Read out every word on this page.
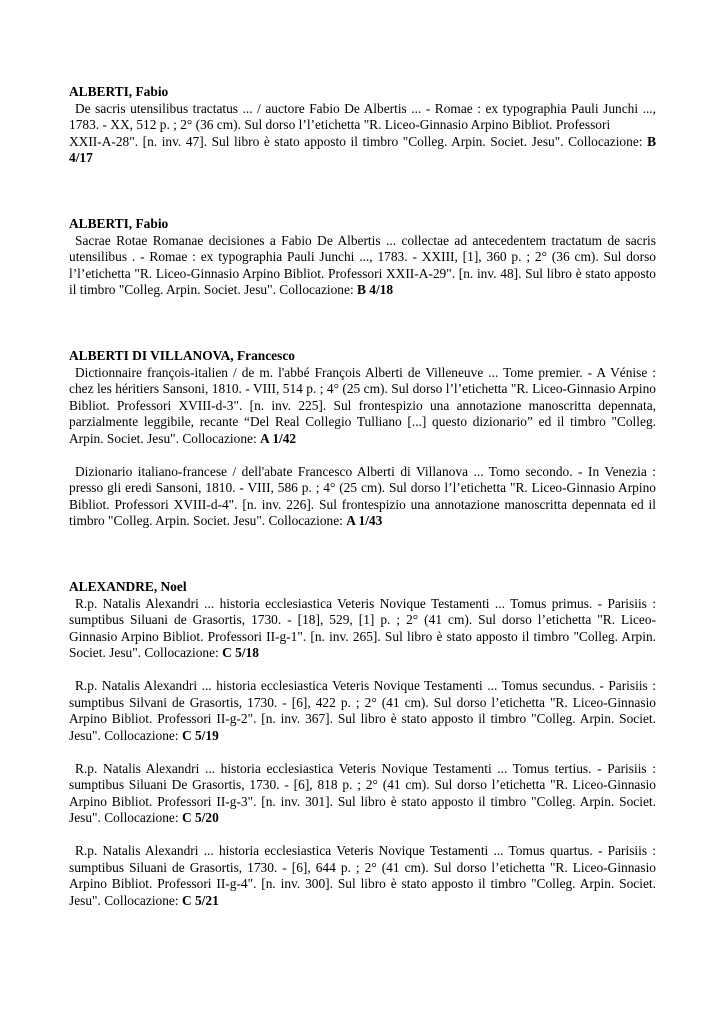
ALBERTI, Fabio

De sacris utensilibus tractatus ... / auctore Fabio De Albertis ... - Romae : ex typographia Pauli Junchi ..., 1783. - XX, 512 p. ; 2° (36 cm). Sul dorso l’l’etichetta "R. Liceo-Ginnasio Arpino Bibliot. Professori

XXII-A-28". [n. inv. 47]. Sul libro è stato apposto il timbro "Colleg. Arpin. Societ. Jesu". Collocazione: B 4/17

ALBERTI, Fabio

Sacrae Rotae Romanae decisiones a Fabio De Albertis ... collectae ad antecedentem tractatum de sacris utensilibus . - Romae : ex typographia Pauli Junchi ..., 1783. - XXIII, [1], 360 p. ; 2° (36 cm). Sul dorso l’l’etichetta "R. Liceo-Ginnasio Arpino Bibliot. Professori XXII-A-29". [n. inv. 48]. Sul libro è stato apposto il timbro "Colleg. Arpin. Societ. Jesu". Collocazione: B 4/18

ALBERTI DI VILLANOVA, Francesco

Dictionnaire françois-italien / de m. l'abbé François Alberti de Villeneuve ... Tome premier. - A Vénise : chez les héritiers Sansoni, 1810. - VIII, 514 p. ; 4° (25 cm). Sul dorso l’l’etichetta "R. Liceo-Ginnasio Arpino Bibliot. Professori XVIII-d-3". [n. inv. 225]. Sul frontespizio una annotazione manoscritta depennata, parzialmente leggibile, recante “Del Real Collegio Tulliano [...] questo dizionario” ed il timbro "Colleg. Arpin. Societ. Jesu". Collocazione: A 1/42

Dizionario italiano-francese / dell'abate Francesco Alberti di Villanova ... Tomo secondo. - In Venezia : presso gli eredi Sansoni, 1810. - VIII, 586 p. ; 4° (25 cm). Sul dorso l’l’etichetta "R. Liceo-Ginnasio Arpino Bibliot. Professori XVIII-d-4". [n. inv. 226]. Sul frontespizio una annotazione manoscritta depennata ed il timbro "Colleg. Arpin. Societ. Jesu". Collocazione: A 1/43

ALEXANDRE, Noel

R.p. Natalis Alexandri ... historia ecclesiastica Veteris Novique Testamenti ... Tomus primus. - Parisiis : sumptibus Siluani de Grasortis, 1730. - [18], 529, [1] p. ; 2° (41 cm). Sul dorso l’etichetta "R. Liceo-Ginnasio Arpino Bibliot. Professori II-g-1". [n. inv. 265]. Sul libro è stato apposto il timbro "Colleg. Arpin. Societ. Jesu". Collocazione: C 5/18

R.p. Natalis Alexandri ... historia ecclesiastica Veteris Novique Testamenti ... Tomus secundus. - Parisiis : sumptibus Silvani de Grasortis, 1730. - [6], 422 p. ; 2° (41 cm). Sul dorso l’etichetta "R. Liceo-Ginnasio Arpino Bibliot. Professori II-g-2". [n. inv. 367]. Sul libro è stato apposto il timbro "Colleg. Arpin. Societ. Jesu". Collocazione: C 5/19

R.p. Natalis Alexandri ... historia ecclesiastica Veteris Novique Testamenti ... Tomus tertius. - Parisiis : sumptibus Siluani De Grasortis, 1730. - [6], 818 p. ; 2° (41 cm). Sul dorso l’etichetta "R. Liceo-Ginnasio Arpino Bibliot. Professori II-g-3". [n. inv. 301]. Sul libro è stato apposto il timbro "Colleg. Arpin. Societ. Jesu". Collocazione: C 5/20

R.p. Natalis Alexandri ... historia ecclesiastica Veteris Novique Testamenti ... Tomus quartus. - Parisiis : sumptibus Siluani de Grasortis, 1730. - [6], 644 p. ; 2° (41 cm). Sul dorso l’etichetta "R. Liceo-Ginnasio Arpino Bibliot. Professori II-g-4". [n. inv. 300]. Sul libro è stato apposto il timbro "Colleg. Arpin. Societ. Jesu". Collocazione: C 5/21
